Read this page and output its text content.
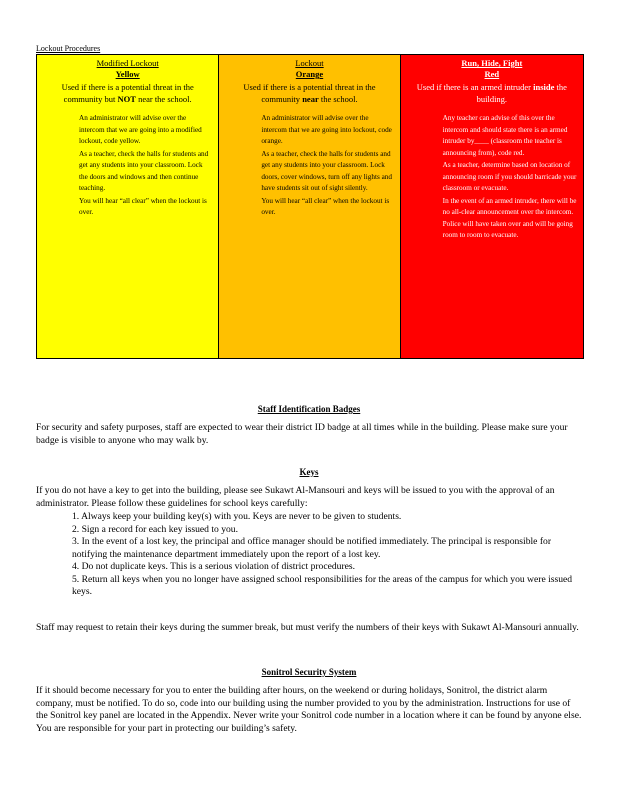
Lockout Procedures
Modified Lockout
Yellow
Used if there is a potential threat in the community but NOT near the school.
An administrator will advise over the intercom that we are going into a modified lockout, code yellow.
As a teacher, check the halls for students and get any students into your classroom. Lock the doors and windows and then continue teaching.
You will hear “all clear” when the lockout is over.
Lockout
Orange
Used if there is a potential threat in the community near the school.
An administrator will advise over the intercom that we are going into lockout, code orange.
As a teacher, check the halls for students and get any students into your classroom. Lock doors, cover windows, turn off any lights and have students sit out of sight silently.
You will hear “all clear” when the lockout is over.
Run, Hide, Fight
Red
Used if there is an armed intruder inside the building.
Any teacher can advise of this over the intercom and should state there is an armed intruder by____ (classroom the teacher is announcing from), code red.
As a teacher, determine based on location of announcing room if you should barricade your classroom or evacuate.
In the event of an armed intruder, there will be no all-clear announcement over the intercom. Police will have taken over and will be going room to room to evacuate.
Staff Identification Badges
For security and safety purposes, staff are expected to wear their district ID badge at all times while in the building. Please make sure your badge is visible to anyone who may walk by.
Keys
If you do not have a key to get into the building, please see Sukawt Al-Mansouri and keys will be issued to you with the approval of an administrator. Please follow these guidelines for school keys carefully:
1. Always keep your building key(s) with you. Keys are never to be given to students.
2. Sign a record for each key issued to you.
3. In the event of a lost key, the principal and office manager should be notified immediately. The principal is responsible for notifying the maintenance department immediately upon the report of a lost key.
4. Do not duplicate keys. This is a serious violation of district procedures.
5. Return all keys when you no longer have assigned school responsibilities for the areas of the campus for which you were issued keys.
Staff may request to retain their keys during the summer break, but must verify the numbers of their keys with Sukawt Al-Mansouri annually.
Sonitrol Security System
If it should become necessary for you to enter the building after hours, on the weekend or during holidays, Sonitrol, the district alarm company, must be notified. To do so, code into our building using the number provided to you by the administration. Instructions for use of the Sonitrol key panel are located in the Appendix. Never write your Sonitrol code number in a location where it can be found by anyone else. You are responsible for your part in protecting our building’s safety.
